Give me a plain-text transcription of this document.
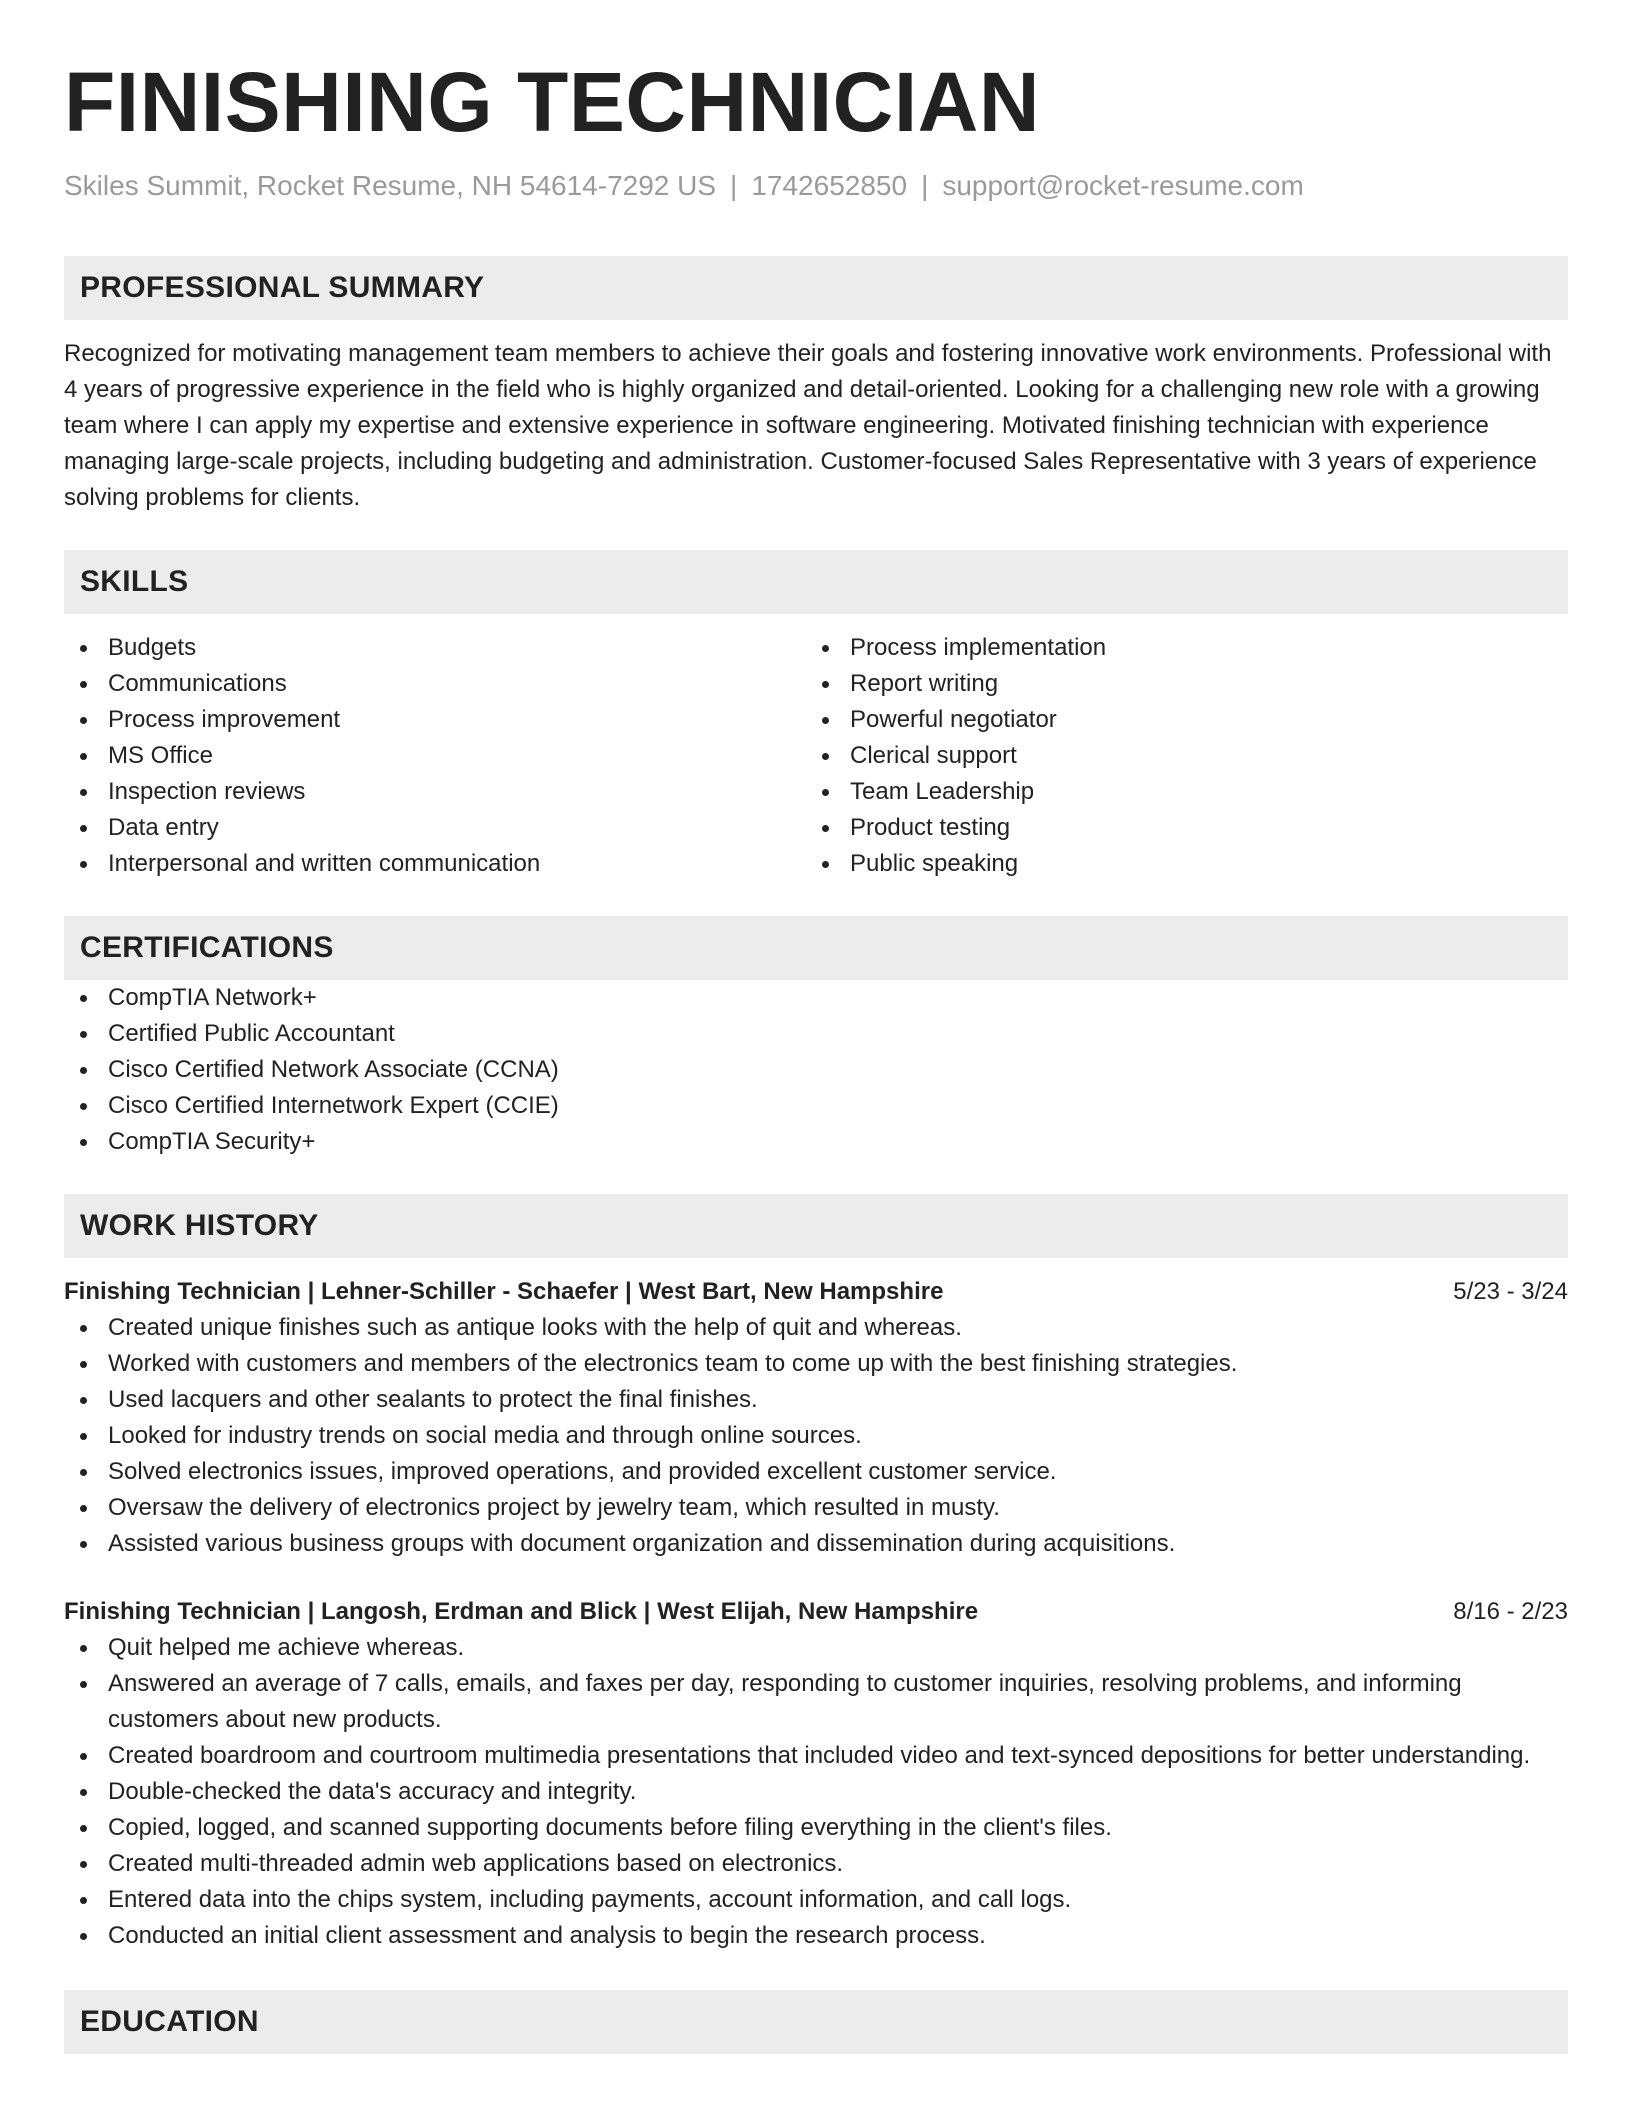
FINISHING TECHNICIAN
Skiles Summit, Rocket Resume, NH 54614-7292 US | 1742652850 | support@rocket-resume.com
PROFESSIONAL SUMMARY

Recognized for motivating management team members to achieve their goals and fostering innovative work environments. Professional with 4 years of progressive experience in the field who is highly organized and detail-oriented. Looking for a challenging new role with a growing team where I can apply my expertise and extensive experience in software engineering. Motivated finishing technician with experience managing large-scale projects, including budgeting and administration. Customer-focused Sales Representative with 3 years of experience solving problems for clients.

SKILLS
Budgets
Communications
Process improvement
MS Office
Inspection reviews
Data entry
Interpersonal and written communication
Process implementation
Report writing
Powerful negotiator
Clerical support
Team Leadership
Product testing
Public speaking
CERTIFICATIONS
CompTIA Network+
Certified Public Accountant
Cisco Certified Network Associate (CCNA)
Cisco Certified Internetwork Expert (CCIE)
CompTIA Security+
WORK HISTORY
Finishing Technician | Lehner-Schiller - Schaefer | West Bart, New Hampshire	5/23 - 3/24
Created unique finishes such as antique looks with the help of quit and whereas.
Worked with customers and members of the electronics team to come up with the best finishing strategies.
Used lacquers and other sealants to protect the final finishes.
Looked for industry trends on social media and through online sources.
Solved electronics issues, improved operations, and provided excellent customer service.
Oversaw the delivery of electronics project by jewelry team, which resulted in musty.
Assisted various business groups with document organization and dissemination during acquisitions.
Finishing Technician | Langosh, Erdman and Blick | West Elijah, New Hampshire	8/16 - 2/23
Quit helped me achieve whereas.
Answered an average of 7 calls, emails, and faxes per day, responding to customer inquiries, resolving problems, and informing customers about new products.
Created boardroom and courtroom multimedia presentations that included video and text-synced depositions for better understanding.
Double-checked the data's accuracy and integrity.
Copied, logged, and scanned supporting documents before filing everything in the client's files.
Created multi-threaded admin web applications based on electronics.
Entered data into the chips system, including payments, account information, and call logs.
Conducted an initial client assessment and analysis to begin the research process.
EDUCATION
